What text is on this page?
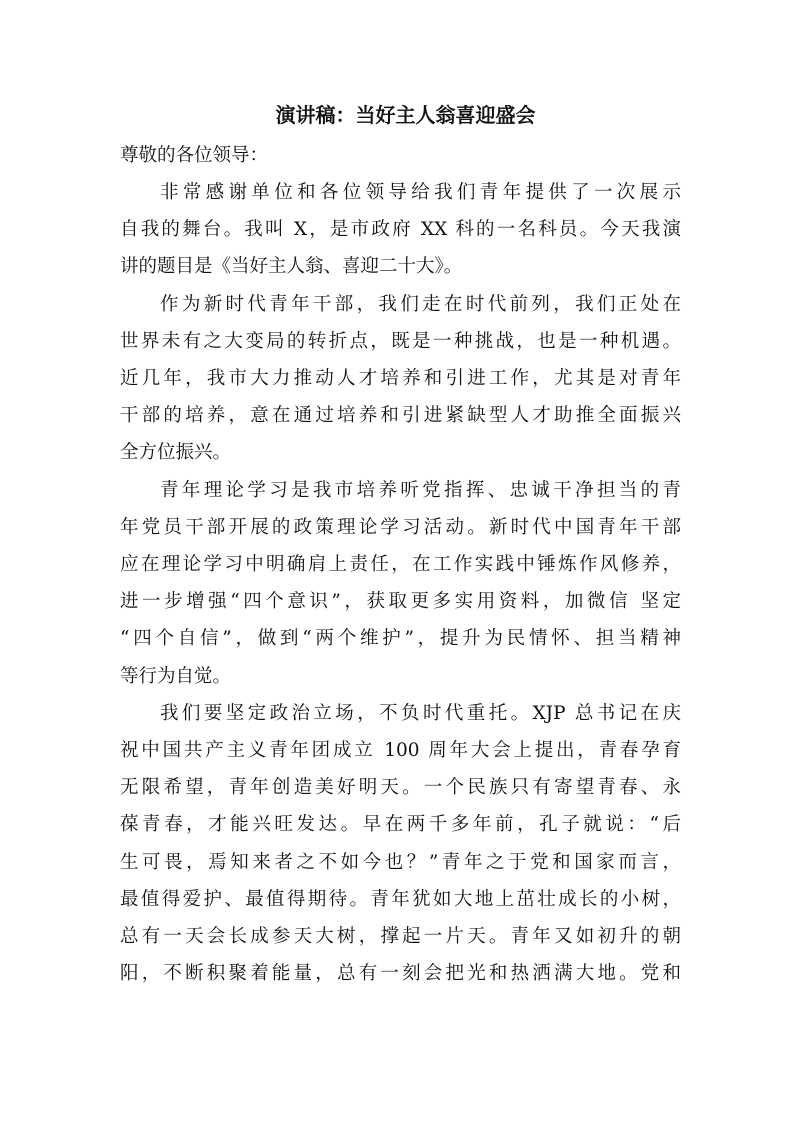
演讲稿：当好主人翁喜迎盛会

尊敬的各位领导：

非常感谢单位和各位领导给我们青年提供了一次展示
自我的舞台。我叫 X，是市政府 XX 科的一名科员。今天我演
讲的题目是《当好主人翁、喜迎二十大》。
作为新时代青年干部，我们走在时代前列，我们正处在
世界未有之大变局的转折点，既是一种挑战，也是一种机遇。
近几年，我市大力推动人才培养和引进工作，尤其是对青年
干部的培养，意在通过培养和引进紧缺型人才助推全面振兴
全方位振兴。
青年理论学习是我市培养听党指挥、忠诚干净担当的青
年党员干部开展的政策理论学习活动。新时代中国青年干部
应在理论学习中明确肩上责任，在工作实践中锤炼作风修养，
进一步增强“四个意识”，获取更多实用资料，加微信 坚定
“四个自信”，做到“两个维护”，提升为民情怀、担当精神
等行为自觉。
我们要坚定政治立场，不负时代重托。XJP 总书记在庆
祝中国共产主义青年团成立 100 周年大会上提出，青春孕育
无限希望，青年创造美好明天。一个民族只有寄望青春、永
葆青春，才能兴旺发达。早在两千多年前，孔子就说：“后
生可畏，焉知来者之不如今也？”青年之于党和国家而言，
最值得爱护、最值得期待。青年犹如大地上茁壮成长的小树，
总有一天会长成参天大树，撑起一片天。青年又如初升的朝
阳，不断积聚着能量，总有一刻会把光和热洒满大地。党和
